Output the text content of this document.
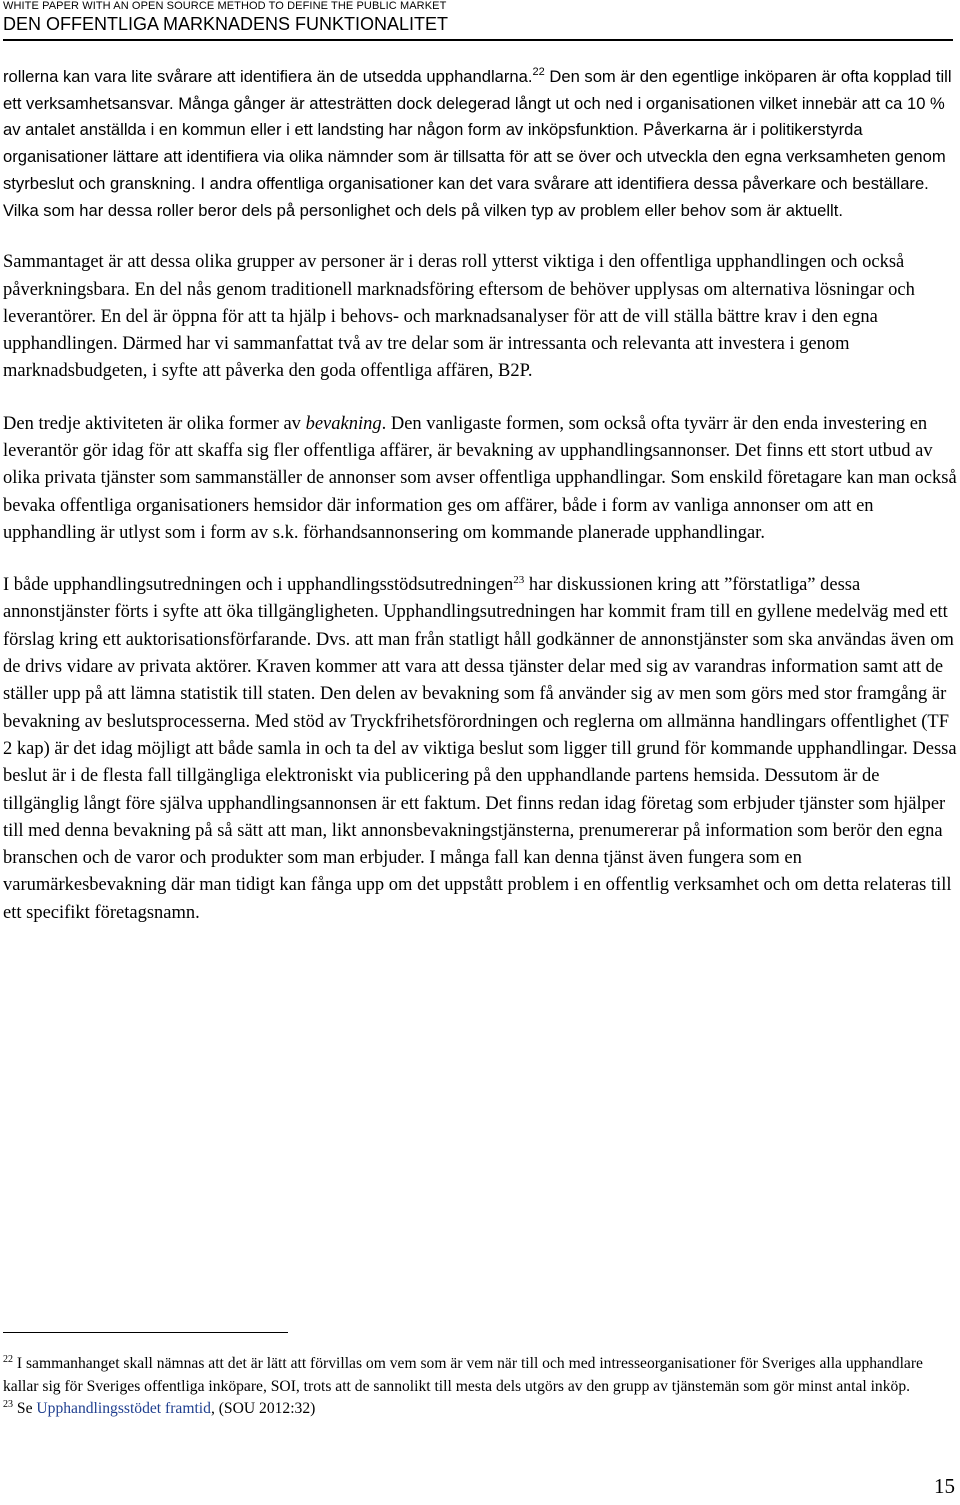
WHITE PAPER WITH AN OPEN SOURCE METHOD TO DEFINE THE PUBLIC MARKET
DEN OFFENTLIGA MARKNADENS FUNKTIONALITET

rollerna kan vara lite svårare att identifiera än de utsedda upphandlarna.$^{22}$ Den som är den egentlige inköparen är ofta kopplad till ett verksamhetsansvar. Många gånger är attesträtten dock delegerad långt ut och ned i organisationen vilket innebär att ca 10 % av antalet anställda i en kommun eller i ett landsting har någon form av inköpsfunktion. Påverkarna är i politikerstyrda organisationer lättare att identifiera via olika nämnder som är tillsatta för att se över och utveckla den egna verksamheten genom styrbeslut och granskning. I andra offentliga organisationer kan det vara svårare att identifiera dessa påverkare och beställare. Vilka som har dessa roller beror dels på personlighet och dels på vilken typ av problem eller behov som är aktuellt.

Sammantaget är att dessa olika grupper av personer är i deras roll ytterst viktiga i den offentliga upphandlingen och också påverkningsbara. En del nås genom traditionell marknadsföring eftersom de behöver upplysas om alternativa lösningar och leverantörer. En del är öppna för att ta hjälp i behovs- och marknadsanalyser för att de vill ställa bättre krav i den egna upphandlingen. Därmed har vi sammanfattat två av tre delar som är intressanta och relevanta att investera i genom marknadsbudgeten, i syfte att påverka den goda offentliga affären, B2P.

Den tredje aktiviteten är olika former av bevakning. Den vanligaste formen, som också ofta tyvärr är den enda investering en leverantör gör idag för att skaffa sig fler offentliga affärer, är bevakning av upphandlingsannonser. Det finns ett stort utbud av olika privata tjänster som sammanställer de annonser som avser offentliga upphandlingar. Som enskild företagare kan man också bevaka offentliga organisationers hemsidor där information ges om affärer, både i form av vanliga annonser om att en upphandling är utlyst som i form av s.k. förhandsannonsering om kommande planerade upphandlingar.

I både upphandlingsutredningen och i upphandlingsstödsutredningen$^{23}$ har diskussionen kring att ”förstatliga” dessa annonstjänster förts i syfte att öka tillgängligheten. Upphandlingsutredningen har kommit fram till en gyllene medelväg med ett förslag kring ett auktorisationsförfarande. Dvs. att man från statligt håll godkänner de annonstjänster som ska användas även om de drivs vidare av privata aktörer. Kraven kommer att vara att dessa tjänster delar med sig av varandras information samt att de ställer upp på att lämna statistik till staten. Den delen av bevakning som få använder sig av men som görs med stor framgång är bevakning av beslutsprocesserna. Med stöd av Tryckfrihetsförordningen och reglerna om allmänna handlingars offentlighet (TF 2 kap) är det idag möjligt att både samla in och ta del av viktiga beslut som ligger till grund för kommande upphandlingar. Dessa beslut är i de flesta fall tillgängliga elektroniskt via publicering på den upphandlande partens hemsida. Dessutom är de tillgänglig långt före själva upphandlingsannonsen är ett faktum. Det finns redan idag företag som erbjuder tjänster som hjälper till med denna bevakning på så sätt att man, likt annonsbevakningstjänsterna, prenumererar på information som berör den egna branschen och de varor och produkter som man erbjuder. I många fall kan denna tjänst även fungera som en varumärkesbevakning där man tidigt kan fånga upp om det uppstått problem i en offentlig verksamhet och om detta relateras till ett specifikt företagsnamn.

$^{22}$ I sammanhanget skall nämnas att det är lätt att förvillas om vem som är vem när till och med intresseorganisationer för Sveriges alla upphandlare kallar sig för Sveriges offentliga inköpare, SOI, trots att de sannolikt till mesta dels utgörs av den grupp av tjänstemän som gör minst antal inköp.

$^{23}$ Se Upphandlingsstödet framtid, (SOU 2012:32)

15
